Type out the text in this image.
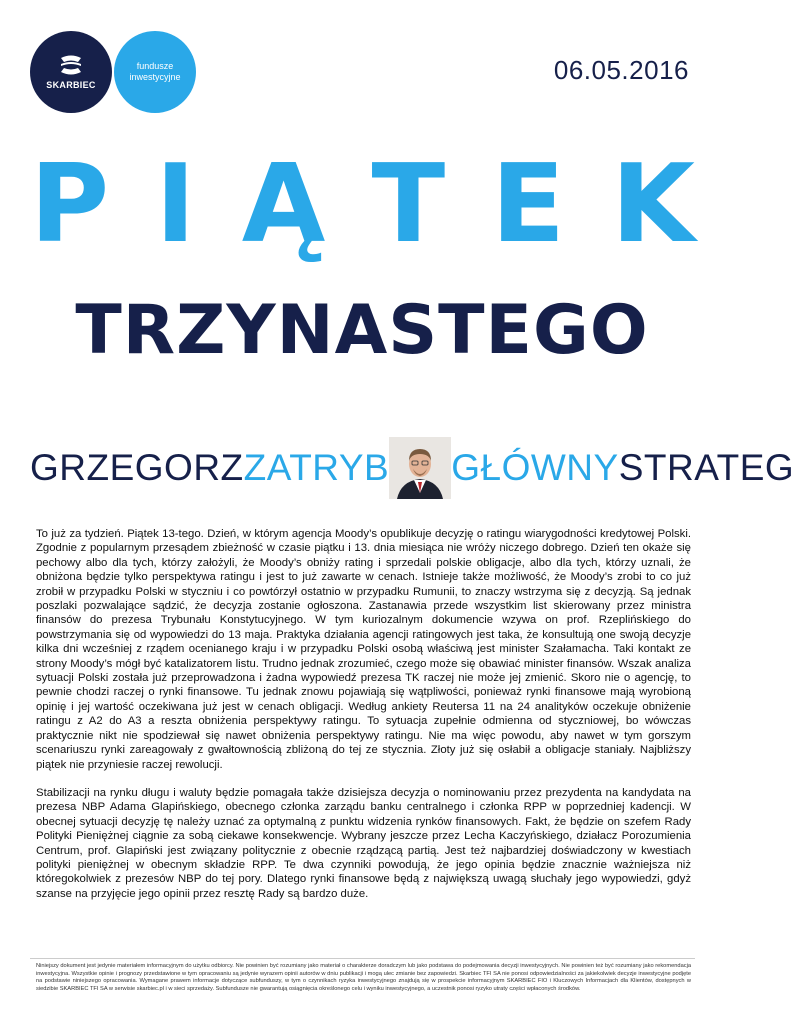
SKARBIEC
fundusze
inwestycyjne	06.05.2016
P I Ą T E K
TRZYNASTEGO
GRZEGORZZATRYB GŁÓWNYSTRATEG

To już za tydzień. Piątek 13-tego. Dzień, w którym agencja Moody’s opublikuje decyzję o ratingu wiarygodności kredytowej Polski. Zgodnie z popularnym przesądem zbieżność w czasie piątku i 13. dnia miesiąca nie wróży niczego dobrego. Dzień ten okaże się pechowy albo dla tych, którzy założyli, że Moody’s obniży rating i sprzedali polskie obligacje, albo dla tych, którzy uznali, że obniżona będzie tylko perspektywa ratingu i jest to już zawarte w cenach. Istnieje także możliwość, że Moody’s zrobi to co już zrobił w przypadku Polski w styczniu i co powtórzył ostatnio w przypadku Rumunii, to znaczy wstrzyma się z decyzją. Są jednak poszlaki pozwalające sądzić, że decyzja zostanie ogłoszona. Zastanawia przede wszystkim list skierowany przez ministra finansów do prezesa Trybunału Konstytucyjnego. W tym kuriozalnym dokumencie wzywa on prof. Rzeplińskiego do powstrzymania się od wypowiedzi do 13 maja. Praktyka działania agencji ratingowych jest taka, że konsultują one swoją decyzje kilka dni wcześniej z rządem ocenianego kraju i w przypadku Polski osobą właściwą jest minister Szałamacha. Taki kontakt ze strony Moody’s mógł być katalizatorem listu. Trudno jednak zrozumieć, czego może się obawiać minister finansów. Wszak analiza sytuacji Polski została już przeprowadzona i żadna wypowiedź prezesa TK raczej nie może jej zmienić. Skoro nie o agencję, to pewnie chodzi raczej o rynki finansowe. Tu jednak znowu pojawiają się wątpliwości, ponieważ rynki finansowe mają wyrobioną opinię i jej wartość oczekiwana już jest w cenach obligacji. Według ankiety Reutersa 11 na 24 analityków oczekuje obniżenie ratingu z A2 do A3 a reszta obniżenia perspektywy ratingu. To sytuacja zupełnie odmienna od styczniowej, bo wówczas praktycznie nikt nie spodziewał się nawet obniżenia perspektywy ratingu. Nie ma więc powodu, aby nawet w tym gorszym scenariuszu rynki zareagowały z gwałtownością zbliżoną do tej ze stycznia. Złoty już się osłabił a obligacje staniały. Najbliższy piątek nie przyniesie raczej rewolucji.

Stabilizacji na rynku długu i waluty będzie pomagała także dzisiejsza decyzja o nominowaniu przez prezydenta na kandydata na prezesa NBP Adama Glapińskiego, obecnego członka zarządu banku centralnego i członka RPP w poprzedniej kadencji. W obecnej sytuacji decyzję tę należy uznać za optymalną z punktu widzenia rynków finansowych. Fakt, że będzie on szefem Rady Polityki Pieniężnej ciągnie za sobą ciekawe konsekwencje. Wybrany jeszcze przez Lecha Kaczyńskiego, działacz Porozumienia Centrum, prof. Glapiński jest związany politycznie z obecnie rządzącą partią. Jest też najbardziej doświadczony w kwestiach polityki pieniężnej w obecnym składzie RPP. Te dwa czynniki powodują, że jego opinia będzie znacznie ważniejsza niż któregokolwiek z prezesów NBP do tej pory. Dlatego rynki finansowe będą z największą uwagą słuchały jego wypowiedzi, gdyż szanse na przyjęcie jego opinii przez resztę Rady są bardzo duże.

Niniejszy dokument jest jedynie materiałem informacyjnym do użytku odbiorcy. Nie powinien być rozumiany jako materiał o charakterze doradczym lub jako podstawa do podejmowania decyzji inwestycyjnych. Nie powinien też być rozumiany jako rekomendacja inwestycyjna. Wszystkie opinie i prognozy przedstawione w tym opracowaniu są jedynie wyrazem opinii autorów w dniu publikacji i mogą ulec zmianie bez zapowiedzi. Skarbiec TFI SA nie ponosi odpowiedzialności za jakiekolwiek decyzje inwestycyjne podjęte na podstawie niniejszego opracowania. Wymagane prawem informacje dotyczące subfunduszy, w tym o czynnikach ryzyka inwestycyjnego znajdują się w prospekcie informacyjnym SKARBIEC FIO i Kluczowych Informacjach dla Klientów, dostępnych w siedzibie SKARBIEC TFI SA w serwisie skarbiec.pl i w sieci sprzedaży. Subfundusze nie gwarantują osiągnięcia określonego celu i wyniku inwestycyjnego, a uczestnik ponosi ryzyko utraty części wpłaconych środków.
